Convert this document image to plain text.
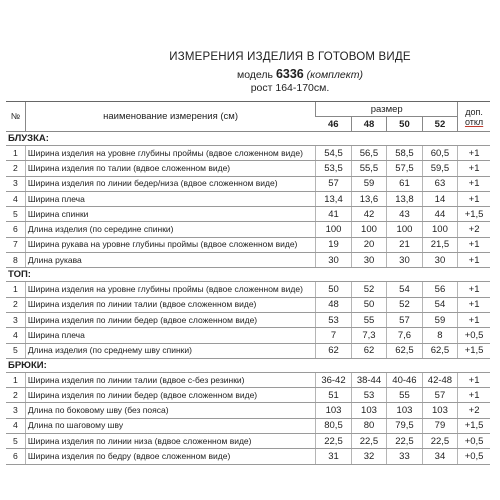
ИЗМЕРЕНИЯ ИЗДЕЛИЯ В ГОТОВОМ ВИДЕ
модель 6336 (комплект)
рост 164-170см.
№	наименование измерения (см)	размер				доп.
откл

		46	48	50	52	
БЛУЗКА:						
1	Ширина изделия на уровне глубины проймы (вдвое сложенном виде)	54,5	56,5	58,5	60,5	+1
2	Ширина изделия по талии (вдвое сложенном виде)	53,5	55,5	57,5	59,5	+1
3	Ширина изделия по линии бедер/низа (вдвое сложенном виде)	57	59	61	63	+1
4	Ширина плеча	13,4	13,6	13,8	14	+1
5	Ширина спинки	41	42	43	44	+1,5
6	Длина изделия (по середине спинки)	100	100	100	100	+2
7	Ширина рукава на уровне глубины проймы (вдвое сложенном виде)	19	20	21	21,5	+1
8	Длина рукава	30	30	30	30	+1
ТОП:						
1	Ширина изделия на уровне глубины проймы (вдвое сложенном виде)	50	52	54	56	+1
2	Ширина изделия по линии талии (вдвое сложенном виде)	48	50	52	54	+1
3	Ширина изделия по линии бедер (вдвое сложенном виде)	53	55	57	59	+1
4	Ширина плеча	7	7,3	7,6	8	+0,5
5	Длина изделия (по среднему шву спинки)	62	62	62,5	62,5	+1,5
БРЮКИ:						
1	Ширина изделия по линии талии (вдвое с-без резинки)	36-42	38-44	40-46	42-48	+1
2	Ширина изделия по линии бедер (вдвое сложенном виде)	51	53	55	57	+1
3	Длина по боковому шву (без пояса)	103	103	103	103	+2
4	Длина по шаговому шву	80,5	80	79,5	79	+1,5
5	Ширина изделия по линии низа (вдвое сложенном виде)	22,5	22,5	22,5	22,5	+0,5
6	Ширина изделия по бедру (вдвое сложенном виде)	31	32	33	34	+0,5
